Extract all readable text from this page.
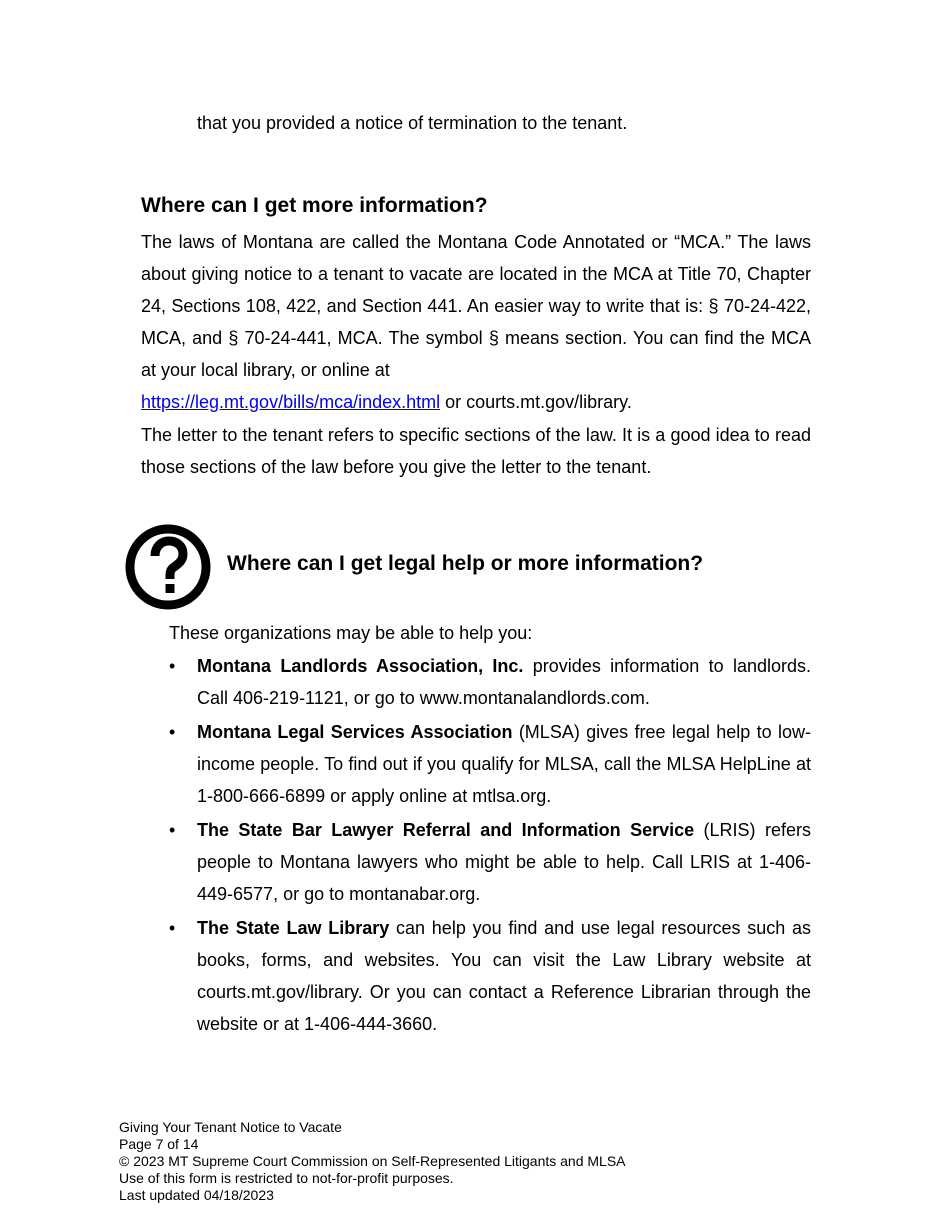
that you provided a notice of termination to the tenant.

Where can I get more information?

The laws of Montana are called the Montana Code Annotated or “MCA.” The laws about giving notice to a tenant to vacate are located in the MCA at Title 70, Chapter 24, Sections 108, 422, and Section 441. An easier way to write that is: § 70-24-422, MCA, and § 70-24-441, MCA. The symbol § means section. You can find the MCA at your local library, or online at
https://leg.mt.gov/bills/mca/index.html or courts.mt.gov/library.

The letter to the tenant refers to specific sections of the law. It is a good idea to read those sections of the law before you give the letter to the tenant.

Where can I get legal help or more information?

These organizations may be able to help you:

•	Montana Landlords Association, Inc. provides information to landlords. Call 406-219-1121, or go to www.montanalandlords.com.
•	Montana Legal Services Association (MLSA) gives free legal help to low-income people. To find out if you qualify for MLSA, call the MLSA HelpLine at 1-800-666-6899 or apply online at mtlsa.org.
•	The State Bar Lawyer Referral and Information Service (LRIS) refers people to Montana lawyers who might be able to help. Call LRIS at 1-406-449-6577, or go to montanabar.org.
•	The State Law Library can help you find and use legal resources such as books, forms, and websites. You can visit the Law Library website at courts.mt.gov/library. Or you can contact a Reference Librarian through the website or at 1-406-444-3660.
Giving Your Tenant Notice to Vacate
Page 7 of 14
© 2023 MT Supreme Court Commission on Self-Represented Litigants and MLSA
Use of this form is restricted to not-for-profit purposes.
Last updated 04/18/2023
